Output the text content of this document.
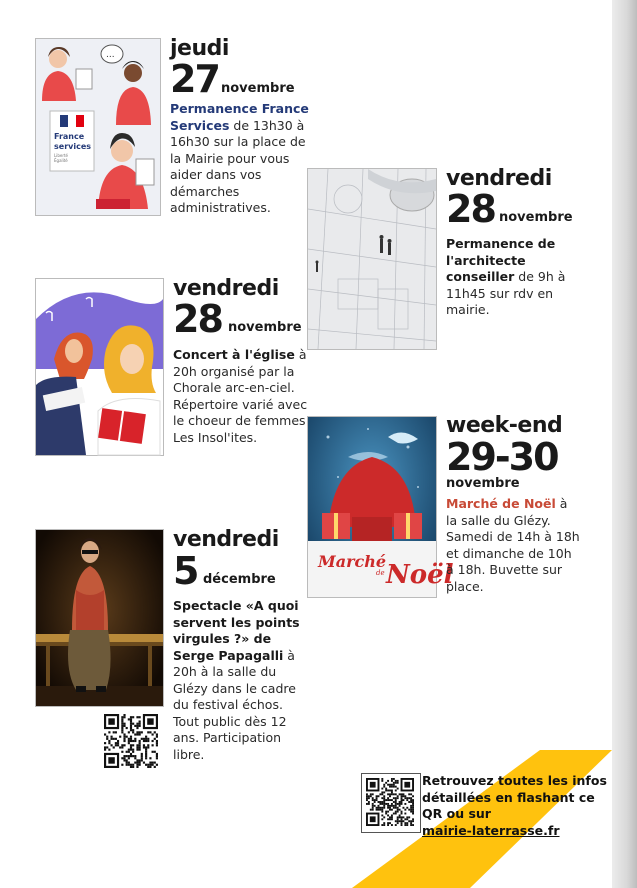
...
France
services
Liberté
Égalité
jeudi
27 novembre
Permanence France Services de 13h30 à 16h30 sur la place de la Mairie pour vous aider dans vos démarches administratives.
vendredi
28 novembre
Permanence de l'architecte conseiller de 9h à 11h45 sur rdv en mairie.
vendredi
28 novembre
Concert à l'église à 20h organisé par la Chorale arc-en-ciel. Répertoire varié avec le choeur de femmes Les Insol'ites.
Marché
de Noël
week-end
29-30
novembre
Marché de Noël à la salle du Glézy. Samedi de 14h à 18h et dimanche de 10h à 18h. Buvette sur place.
vendredi
5 décembre
Spectacle «A quoi servent les points virgules ?» de Serge Papagalli à 20h à la salle du Glézy dans le cadre du festival échos. Tout public dès 12 ans. Participation libre.
Retrouvez toutes les infos
détaillées en flashant ce
QR ou sur
mairie-laterrasse.fr
